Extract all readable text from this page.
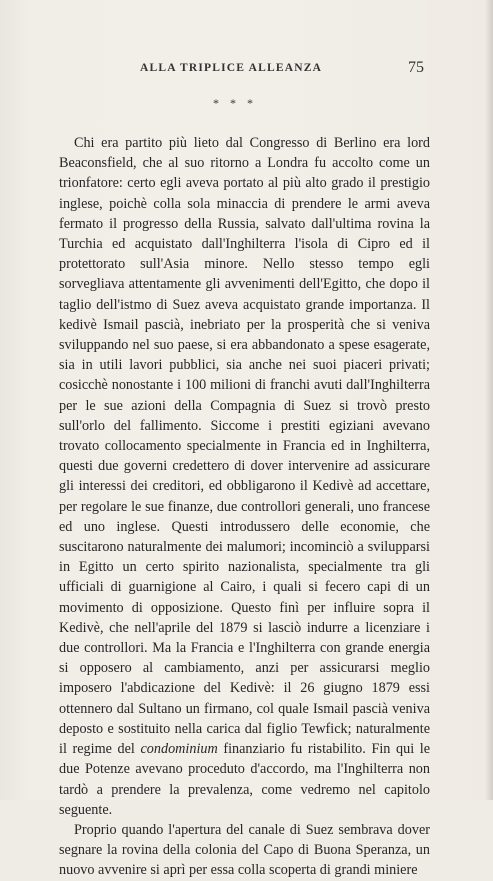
ALLA TRIPLICE ALLEANZA	75
* * *

Chi era partito più lieto dal Congresso di Berlino era lord Beaconsfield, che al suo ritorno a Londra fu accolto come un trionfatore: certo egli aveva portato al più alto grado il prestigio inglese, poichè colla sola minaccia di prendere le armi aveva fermato il progresso della Russia, salvato dall'ultima rovina la Turchia ed acquistato dall'Inghilterra l'isola di Cipro ed il protettorato sull'Asia minore. Nello stesso tempo egli sorvegliava attentamente gli avvenimenti dell'Egitto, che dopo il taglio dell'istmo di Suez aveva acquistato grande importanza. Il kedivè Ismail pascià, inebriato per la prosperità che si veniva sviluppando nel suo paese, si era abbandonato a spese esagerate, sia in utili lavori pubblici, sia anche nei suoi piaceri privati; cosicchè nonostante i 100 milioni di franchi avuti dall'Inghilterra per le sue azioni della Compagnia di Suez si trovò presto sull'orlo del fallimento. Siccome i prestiti egiziani avevano trovato collocamento specialmente in Francia ed in Inghilterra, questi due governi credettero di dover intervenire ad assicurare gli interessi dei creditori, ed obbligarono il Kedivè ad accettare, per regolare le sue finanze, due controllori generali, uno francese ed uno inglese. Questi introdussero delle economie, che suscitarono naturalmente dei malumori; incominciò a svilupparsi in Egitto un certo spirito nazionalista, specialmente tra gli ufficiali di guarnigione al Cairo, i quali si fecero capi di un movimento di opposizione. Questo finì per influire sopra il Kedivè, che nell'aprile del 1879 si lasciò indurre a licenziare i due controllori. Ma la Francia e l'Inghilterra con grande energia si opposero al cambiamento, anzi per assicurarsi meglio imposero l'abdicazione del Kedivè: il 26 giugno 1879 essi ottennero dal Sultano un firmano, col quale Ismail pascià veniva deposto e sostituito nella carica dal figlio Tewfick; naturalmente il regime del condominium finanziario fu ristabilito. Fin qui le due Potenze avevano proceduto d'accordo, ma l'Inghilterra non tardò a prendere la prevalenza, come vedremo nel capitolo seguente.

Proprio quando l'apertura del canale di Suez sembrava dover segnare la rovina della colonia del Capo di Buona Speranza, un nuovo avvenire si aprì per essa colla scoperta di grandi miniere
